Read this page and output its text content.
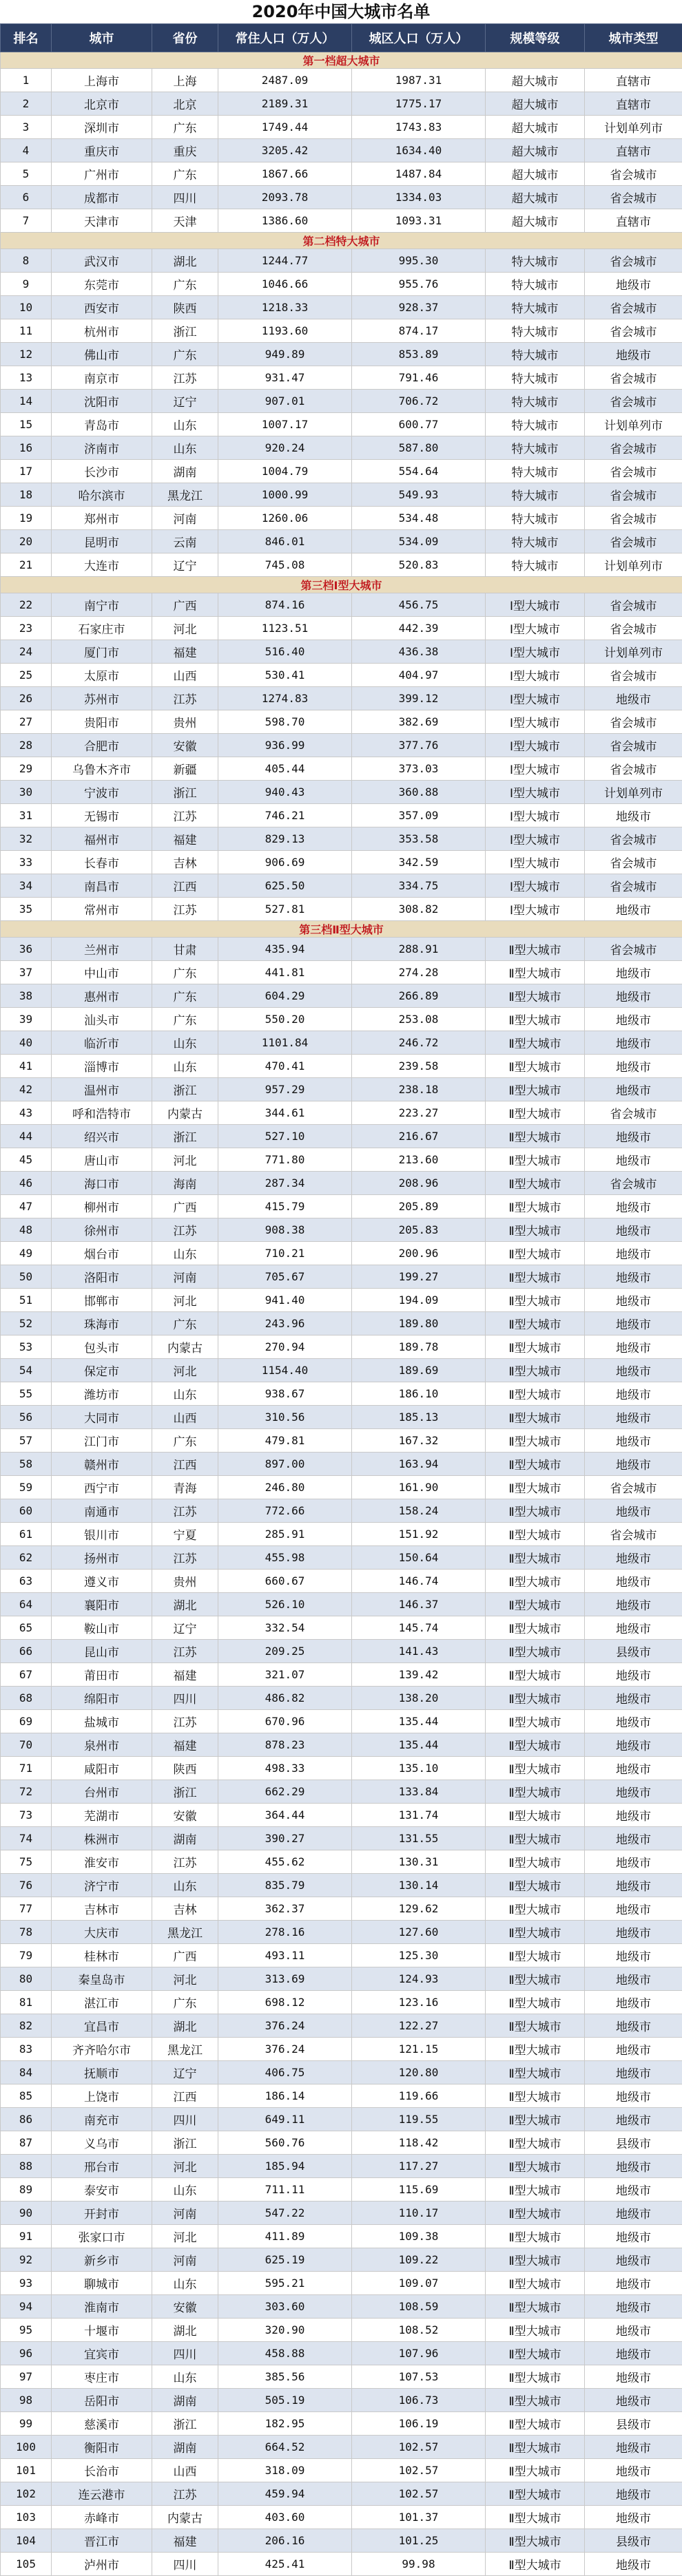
2020年中国大城市名单
排名	城市	省份	常住人口（万人）	城区人口（万人）	规模等级	城市类型
第一档超大城市						
1	上海市	上海	2487.09	1987.31	超大城市	直辖市
2	北京市	北京	2189.31	1775.17	超大城市	直辖市
3	深圳市	广东	1749.44	1743.83	超大城市	计划单列市
4	重庆市	重庆	3205.42	1634.40	超大城市	直辖市
5	广州市	广东	1867.66	1487.84	超大城市	省会城市
6	成都市	四川	2093.78	1334.03	超大城市	省会城市
7	天津市	天津	1386.60	1093.31	超大城市	直辖市
第二档特大城市						
8	武汉市	湖北	1244.77	995.30	特大城市	省会城市
9	东莞市	广东	1046.66	955.76	特大城市	地级市
10	西安市	陕西	1218.33	928.37	特大城市	省会城市
11	杭州市	浙江	1193.60	874.17	特大城市	省会城市
12	佛山市	广东	949.89	853.89	特大城市	地级市
13	南京市	江苏	931.47	791.46	特大城市	省会城市
14	沈阳市	辽宁	907.01	706.72	特大城市	省会城市
15	青岛市	山东	1007.17	600.77	特大城市	计划单列市
16	济南市	山东	920.24	587.80	特大城市	省会城市
17	长沙市	湖南	1004.79	554.64	特大城市	省会城市
18	哈尔滨市	黑龙江	1000.99	549.93	特大城市	省会城市
19	郑州市	河南	1260.06	534.48	特大城市	省会城市
20	昆明市	云南	846.01	534.09	特大城市	省会城市
21	大连市	辽宁	745.08	520.83	特大城市	计划单列市
第三档Ⅰ型大城市						
22	南宁市	广西	874.16	456.75	Ⅰ型大城市	省会城市
23	石家庄市	河北	1123.51	442.39	Ⅰ型大城市	省会城市
24	厦门市	福建	516.40	436.38	Ⅰ型大城市	计划单列市
25	太原市	山西	530.41	404.97	Ⅰ型大城市	省会城市
26	苏州市	江苏	1274.83	399.12	Ⅰ型大城市	地级市
27	贵阳市	贵州	598.70	382.69	Ⅰ型大城市	省会城市
28	合肥市	安徽	936.99	377.76	Ⅰ型大城市	省会城市
29	乌鲁木齐市	新疆	405.44	373.03	Ⅰ型大城市	省会城市
30	宁波市	浙江	940.43	360.88	Ⅰ型大城市	计划单列市
31	无锡市	江苏	746.21	357.09	Ⅰ型大城市	地级市
32	福州市	福建	829.13	353.58	Ⅰ型大城市	省会城市
33	长春市	吉林	906.69	342.59	Ⅰ型大城市	省会城市
34	南昌市	江西	625.50	334.75	Ⅰ型大城市	省会城市
35	常州市	江苏	527.81	308.82	Ⅰ型大城市	地级市
第三档Ⅱ型大城市						
36	兰州市	甘肃	435.94	288.91	Ⅱ型大城市	省会城市
37	中山市	广东	441.81	274.28	Ⅱ型大城市	地级市
38	惠州市	广东	604.29	266.89	Ⅱ型大城市	地级市
39	汕头市	广东	550.20	253.08	Ⅱ型大城市	地级市
40	临沂市	山东	1101.84	246.72	Ⅱ型大城市	地级市
41	淄博市	山东	470.41	239.58	Ⅱ型大城市	地级市
42	温州市	浙江	957.29	238.18	Ⅱ型大城市	地级市
43	呼和浩特市	内蒙古	344.61	223.27	Ⅱ型大城市	省会城市
44	绍兴市	浙江	527.10	216.67	Ⅱ型大城市	地级市
45	唐山市	河北	771.80	213.60	Ⅱ型大城市	地级市
46	海口市	海南	287.34	208.96	Ⅱ型大城市	省会城市
47	柳州市	广西	415.79	205.89	Ⅱ型大城市	地级市
48	徐州市	江苏	908.38	205.83	Ⅱ型大城市	地级市
49	烟台市	山东	710.21	200.96	Ⅱ型大城市	地级市
50	洛阳市	河南	705.67	199.27	Ⅱ型大城市	地级市
51	邯郸市	河北	941.40	194.09	Ⅱ型大城市	地级市
52	珠海市	广东	243.96	189.80	Ⅱ型大城市	地级市
53	包头市	内蒙古	270.94	189.78	Ⅱ型大城市	地级市
54	保定市	河北	1154.40	189.69	Ⅱ型大城市	地级市
55	潍坊市	山东	938.67	186.10	Ⅱ型大城市	地级市
56	大同市	山西	310.56	185.13	Ⅱ型大城市	地级市
57	江门市	广东	479.81	167.32	Ⅱ型大城市	地级市
58	赣州市	江西	897.00	163.94	Ⅱ型大城市	地级市
59	西宁市	青海	246.80	161.90	Ⅱ型大城市	省会城市
60	南通市	江苏	772.66	158.24	Ⅱ型大城市	地级市
61	银川市	宁夏	285.91	151.92	Ⅱ型大城市	省会城市
62	扬州市	江苏	455.98	150.64	Ⅱ型大城市	地级市
63	遵义市	贵州	660.67	146.74	Ⅱ型大城市	地级市
64	襄阳市	湖北	526.10	146.37	Ⅱ型大城市	地级市
65	鞍山市	辽宁	332.54	145.74	Ⅱ型大城市	地级市
66	昆山市	江苏	209.25	141.43	Ⅱ型大城市	县级市
67	莆田市	福建	321.07	139.42	Ⅱ型大城市	地级市
68	绵阳市	四川	486.82	138.20	Ⅱ型大城市	地级市
69	盐城市	江苏	670.96	135.44	Ⅱ型大城市	地级市
70	泉州市	福建	878.23	135.44	Ⅱ型大城市	地级市
71	咸阳市	陕西	498.33	135.10	Ⅱ型大城市	地级市
72	台州市	浙江	662.29	133.84	Ⅱ型大城市	地级市
73	芜湖市	安徽	364.44	131.74	Ⅱ型大城市	地级市
74	株洲市	湖南	390.27	131.55	Ⅱ型大城市	地级市
75	淮安市	江苏	455.62	130.31	Ⅱ型大城市	地级市
76	济宁市	山东	835.79	130.14	Ⅱ型大城市	地级市
77	吉林市	吉林	362.37	129.62	Ⅱ型大城市	地级市
78	大庆市	黑龙江	278.16	127.60	Ⅱ型大城市	地级市
79	桂林市	广西	493.11	125.30	Ⅱ型大城市	地级市
80	秦皇岛市	河北	313.69	124.93	Ⅱ型大城市	地级市
81	湛江市	广东	698.12	123.16	Ⅱ型大城市	地级市
82	宜昌市	湖北	376.24	122.27	Ⅱ型大城市	地级市
83	齐齐哈尔市	黑龙江	376.24	121.15	Ⅱ型大城市	地级市
84	抚顺市	辽宁	406.75	120.80	Ⅱ型大城市	地级市
85	上饶市	江西	186.14	119.66	Ⅱ型大城市	地级市
86	南充市	四川	649.11	119.55	Ⅱ型大城市	地级市
87	义乌市	浙江	560.76	118.42	Ⅱ型大城市	县级市
88	邢台市	河北	185.94	117.27	Ⅱ型大城市	地级市
89	泰安市	山东	711.11	115.69	Ⅱ型大城市	地级市
90	开封市	河南	547.22	110.17	Ⅱ型大城市	地级市
91	张家口市	河北	411.89	109.38	Ⅱ型大城市	地级市
92	新乡市	河南	625.19	109.22	Ⅱ型大城市	地级市
93	聊城市	山东	595.21	109.07	Ⅱ型大城市	地级市
94	淮南市	安徽	303.60	108.59	Ⅱ型大城市	地级市
95	十堰市	湖北	320.90	108.52	Ⅱ型大城市	地级市
96	宜宾市	四川	458.88	107.96	Ⅱ型大城市	地级市
97	枣庄市	山东	385.56	107.53	Ⅱ型大城市	地级市
98	岳阳市	湖南	505.19	106.73	Ⅱ型大城市	地级市
99	慈溪市	浙江	182.95	106.19	Ⅱ型大城市	县级市
100	衡阳市	湖南	664.52	102.57	Ⅱ型大城市	地级市
101	长治市	山西	318.09	102.57	Ⅱ型大城市	地级市
102	连云港市	江苏	459.94	102.57	Ⅱ型大城市	地级市
103	赤峰市	内蒙古	403.60	101.37	Ⅱ型大城市	地级市
104	晋江市	福建	206.16	101.25	Ⅱ型大城市	县级市
105	泸州市	四川	425.41	99.98	Ⅱ型大城市	地级市
